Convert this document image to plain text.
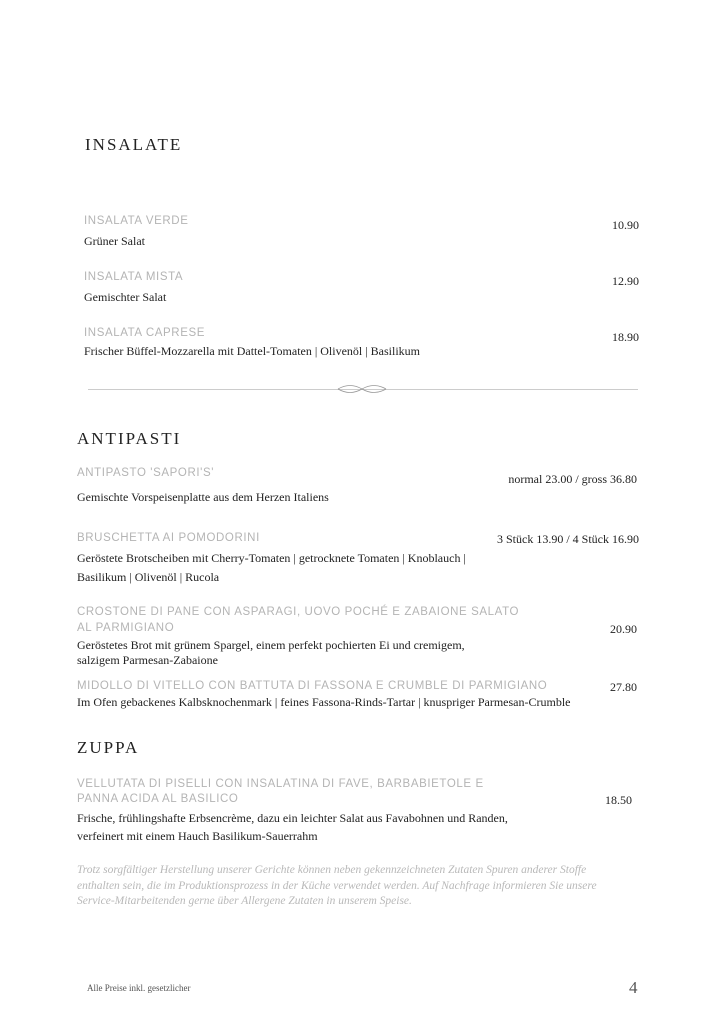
INSALATE
INSALATA VERDE
Grüner Salat
10.90
INSALATA MISTA
Gemischter Salat
12.90
INSALATA CAPRESE
Frischer Büffel-Mozzarella mit Dattel-Tomaten | Olivenöl | Basilikum
18.90
ANTIPASTI
ANTIPASTO 'SAPORI'S'
Gemischte Vorspeisenplatte aus dem Herzen Italiens
normal 23.00 / gross 36.80
BRUSCHETTA AI POMODORINI
Geröstete Brotscheiben mit Cherry-Tomaten | getrocknete Tomaten | Knoblauch |
Basilikum | Olivenöl | Rucola
3 Stück 13.90 / 4 Stück 16.90
CROSTONE DI PANE CON ASPARAGI, UOVO POCHÉ E ZABAIONE SALATO
AL PARMIGIANO
Geröstetes Brot mit grünem Spargel, einem perfekt pochierten Ei und cremigem,
salzigem Parmesan-Zabaione
20.90
MIDOLLO DI VITELLO CON BATTUTA DI FASSONA E CRUMBLE DI PARMIGIANO
Im Ofen gebackenes Kalbsknochenmark | feines Fassona-Rinds-Tartar | knuspriger Parmesan-Crumble
27.80
ZUPPA
VELLUTATA DI PISELLI CON INSALATINA DI FAVE, BARBABIETOLE E
PANNA ACIDA AL BASILICO
Frische, frühlingshafte Erbsencrème, dazu ein leichter Salat aus Favabohnen und Randen,
verfeinert mit einem Hauch Basilikum-Sauerrahm
18.50
Trotz sorgfältiger Herstellung unserer Gerichte können neben gekennzeichneten Zutaten Spuren anderer Stoffe
enthalten sein, die im Produktionsprozess in der Küche verwendet werden. Auf Nachfrage informieren Sie unsere
Service-Mitarbeitenden gerne über Allergene Zutaten in unserem Speise.
Alle Preise inkl. gesetzlicher	4
